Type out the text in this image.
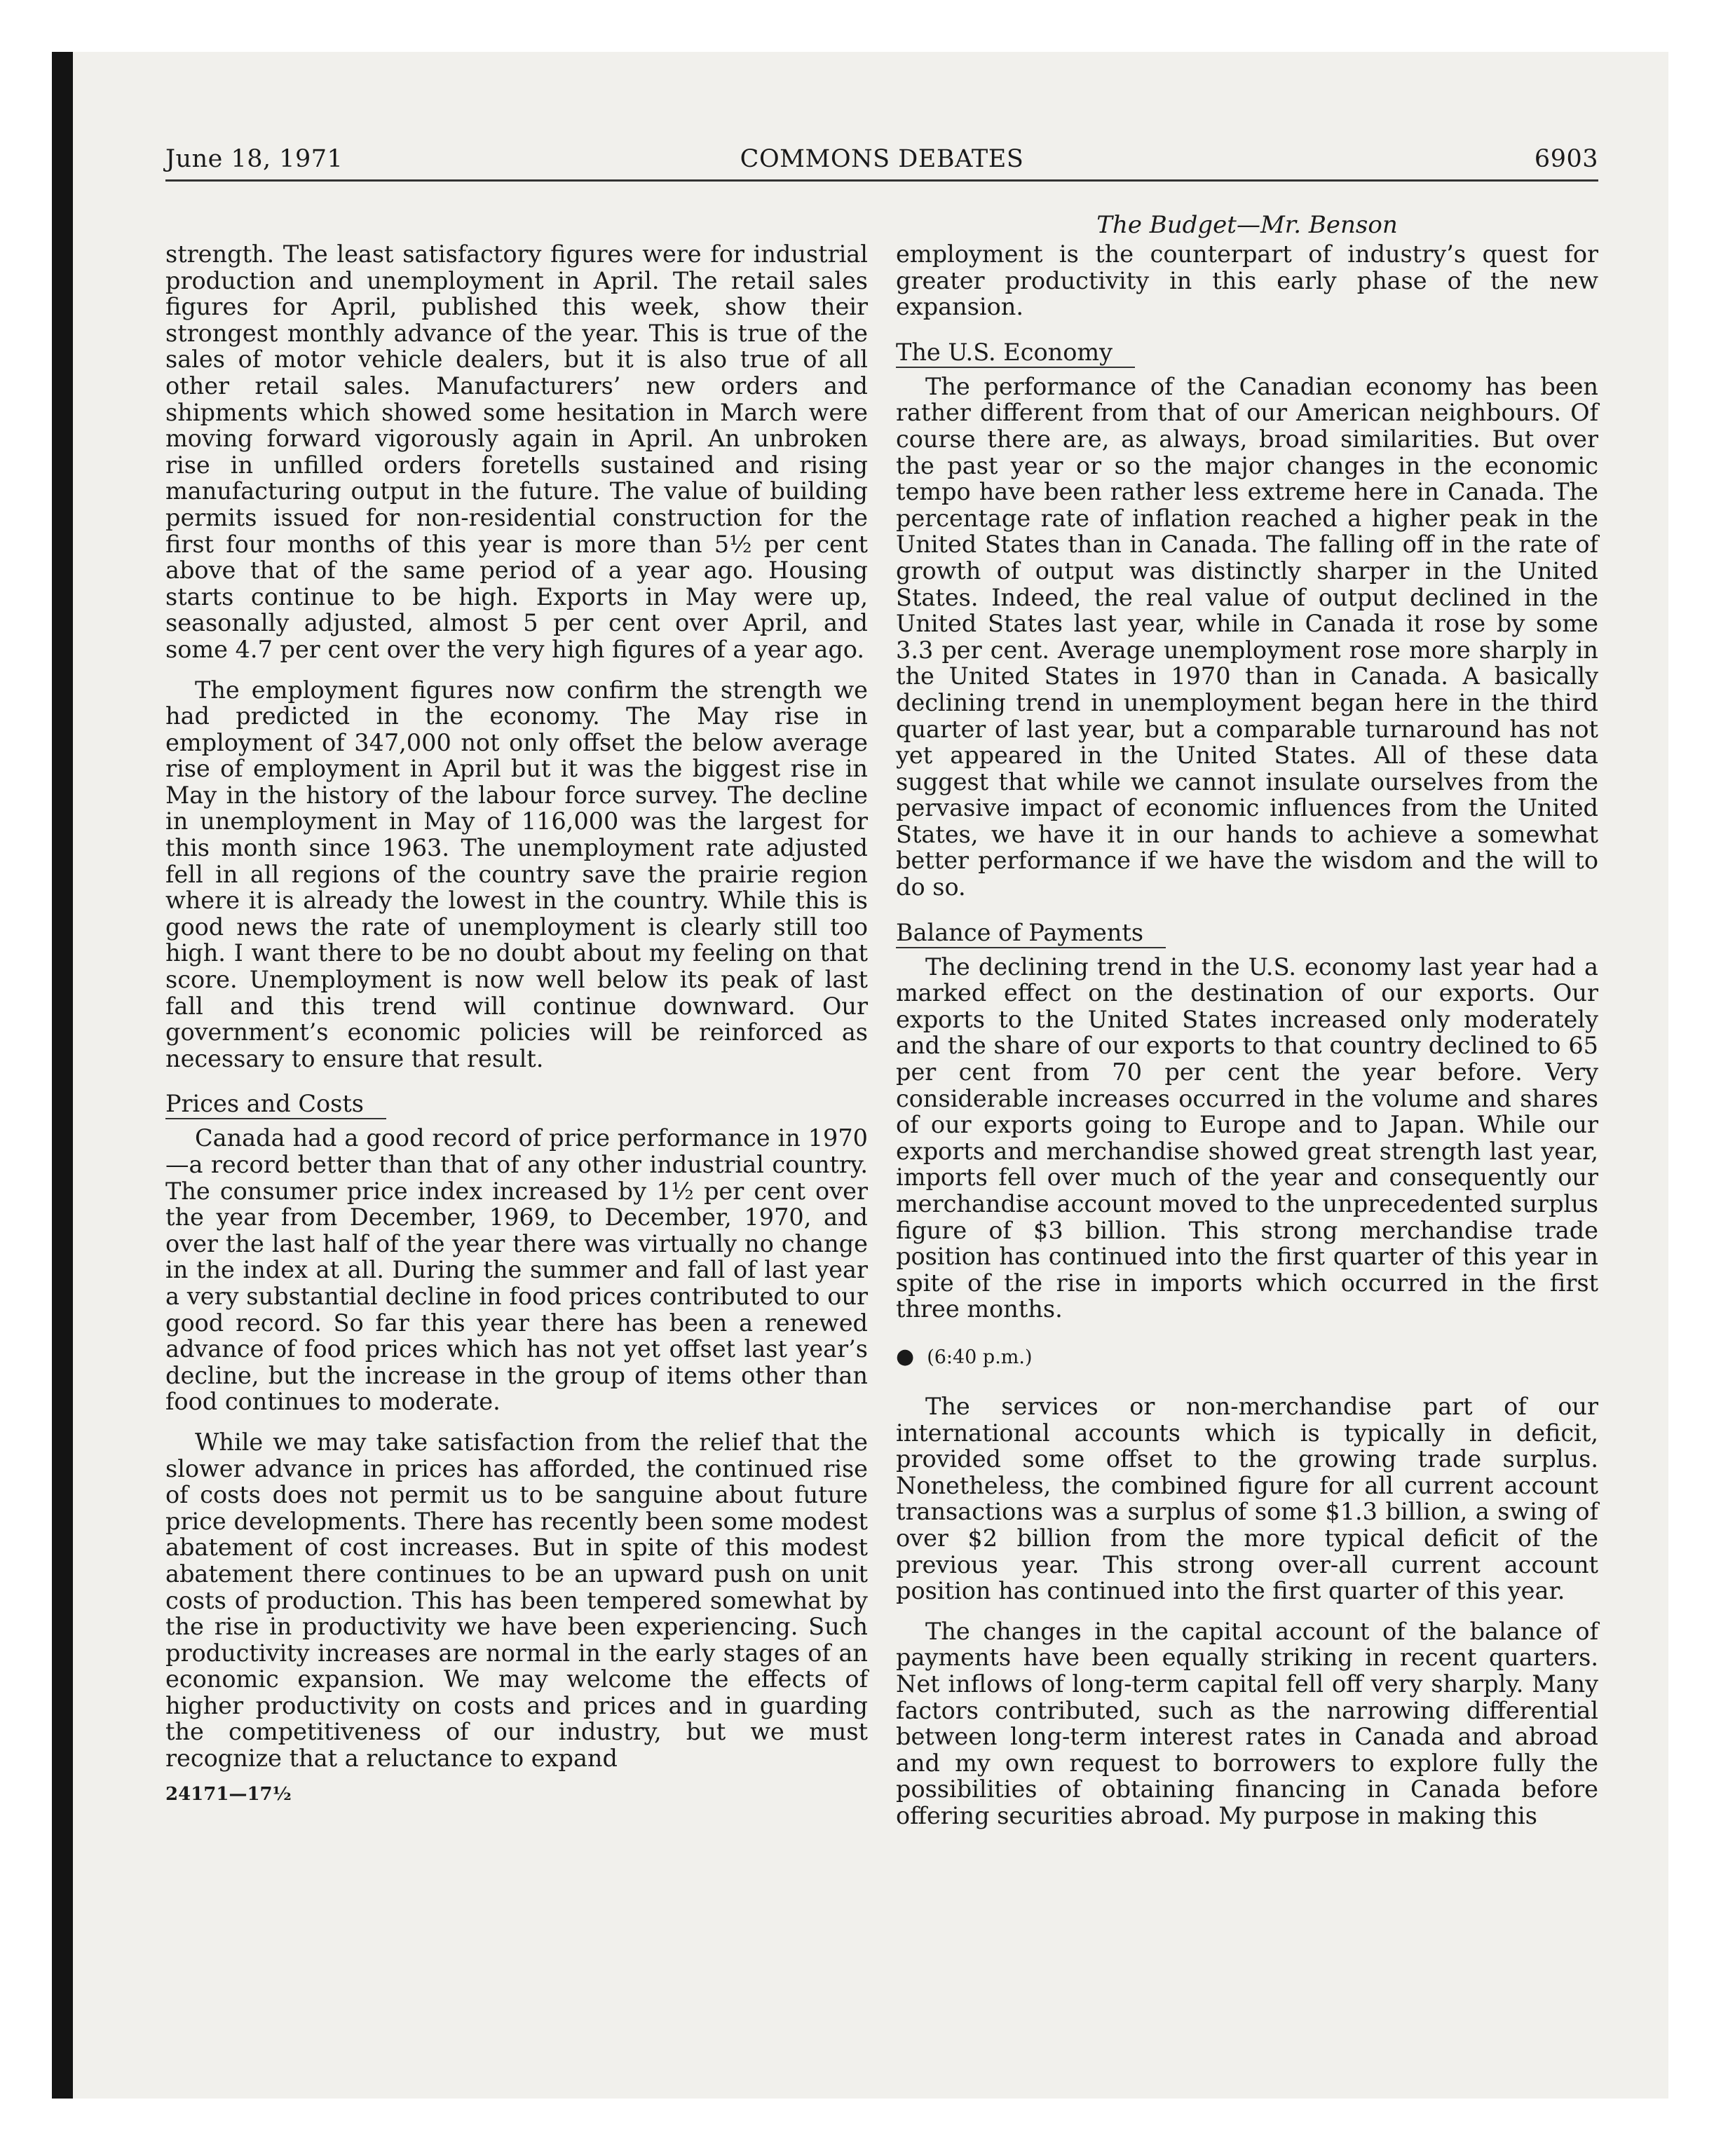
June 18, 1971	COMMONS DEBATES	6903
The Budget—Mr. Benson

strength. The least satisfactory figures were for industrial production and unemployment in April. The retail sales figures for April, published this week, show their strongest monthly advance of the year. This is true of the sales of motor vehicle dealers, but it is also true of all other retail sales. Manufacturers’ new orders and shipments which showed some hesitation in March were moving forward vigorously again in April. An unbroken rise in unfilled orders foretells sustained and rising manufacturing output in the future. The value of building permits issued for non-residential construction for the first four months of this year is more than 5½ per cent above that of the same period of a year ago. Housing starts continue to be high. Exports in May were up, seasonally adjusted, almost 5 per cent over April, and some 4.7 per cent over the very high figures of a year ago.

The employment figures now confirm the strength we had predicted in the economy. The May rise in employment of 347,000 not only offset the below average rise of employment in April but it was the biggest rise in May in the history of the labour force survey. The decline in unemployment in May of 116,000 was the largest for this month since 1963. The unemployment rate adjusted fell in all regions of the country save the prairie region where it is already the lowest in the country. While this is good news the rate of unemployment is clearly still too high. I want there to be no doubt about my feeling on that score. Unemployment is now well below its peak of last fall and this trend will continue downward. Our government’s economic policies will be reinforced as necessary to ensure that result.

Prices and Costs

Canada had a good record of price performance in 1970—a record better than that of any other industrial country. The consumer price index increased by 1½ per cent over the year from December, 1969, to December, 1970, and over the last half of the year there was virtually no change in the index at all. During the summer and fall of last year a very substantial decline in food prices contributed to our good record. So far this year there has been a renewed advance of food prices which has not yet offset last year’s decline, but the increase in the group of items other than food continues to moderate.

While we may take satisfaction from the relief that the slower advance in prices has afforded, the continued rise of costs does not permit us to be sanguine about future price developments. There has recently been some modest abatement of cost increases. But in spite of this modest abatement there continues to be an upward push on unit costs of production. This has been tempered somewhat by the rise in productivity we have been experiencing. Such productivity increases are normal in the early stages of an economic expansion. We may welcome the effects of higher productivity on costs and prices and in guarding the competitiveness of our industry, but we must recognize that a reluctance to expand

24171—17½

employment is the counterpart of industry’s quest for greater productivity in this early phase of the new expansion.

The U.S. Economy

The performance of the Canadian economy has been rather different from that of our American neighbours. Of course there are, as always, broad similarities. But over the past year or so the major changes in the economic tempo have been rather less extreme here in Canada. The percentage rate of inflation reached a higher peak in the United States than in Canada. The falling off in the rate of growth of output was distinctly sharper in the United States. Indeed, the real value of output declined in the United States last year, while in Canada it rose by some 3.3 per cent. Average unemployment rose more sharply in the United States in 1970 than in Canada. A basically declining trend in unemployment began here in the third quarter of last year, but a comparable turnaround has not yet appeared in the United States. All of these data suggest that while we cannot insulate ourselves from the pervasive impact of economic influences from the United States, we have it in our hands to achieve a somewhat better performance if we have the wisdom and the will to do so.

Balance of Payments

The declining trend in the U.S. economy last year had a marked effect on the destination of our exports. Our exports to the United States increased only moderately and the share of our exports to that country declined to 65 per cent from 70 per cent the year before. Very considerable increases occurred in the volume and shares of our exports going to Europe and to Japan. While our exports and merchandise showed great strength last year, imports fell over much of the year and consequently our merchandise account moved to the unprecedented surplus figure of $3 billion. This strong merchandise trade position has continued into the first quarter of this year in spite of the rise in imports which occurred in the first three months.

● (6:40 p.m.)

The services or non-merchandise part of our international accounts which is typically in deficit, provided some offset to the growing trade surplus. Nonetheless, the combined figure for all current account transactions was a surplus of some $1.3 billion, a swing of over $2 billion from the more typical deficit of the previous year. This strong over-all current account position has continued into the first quarter of this year.

The changes in the capital account of the balance of payments have been equally striking in recent quarters. Net inflows of long-term capital fell off very sharply. Many factors contributed, such as the narrowing differential between long-term interest rates in Canada and abroad and my own request to borrowers to explore fully the possibilities of obtaining financing in Canada before offering securities abroad. My purpose in making this
